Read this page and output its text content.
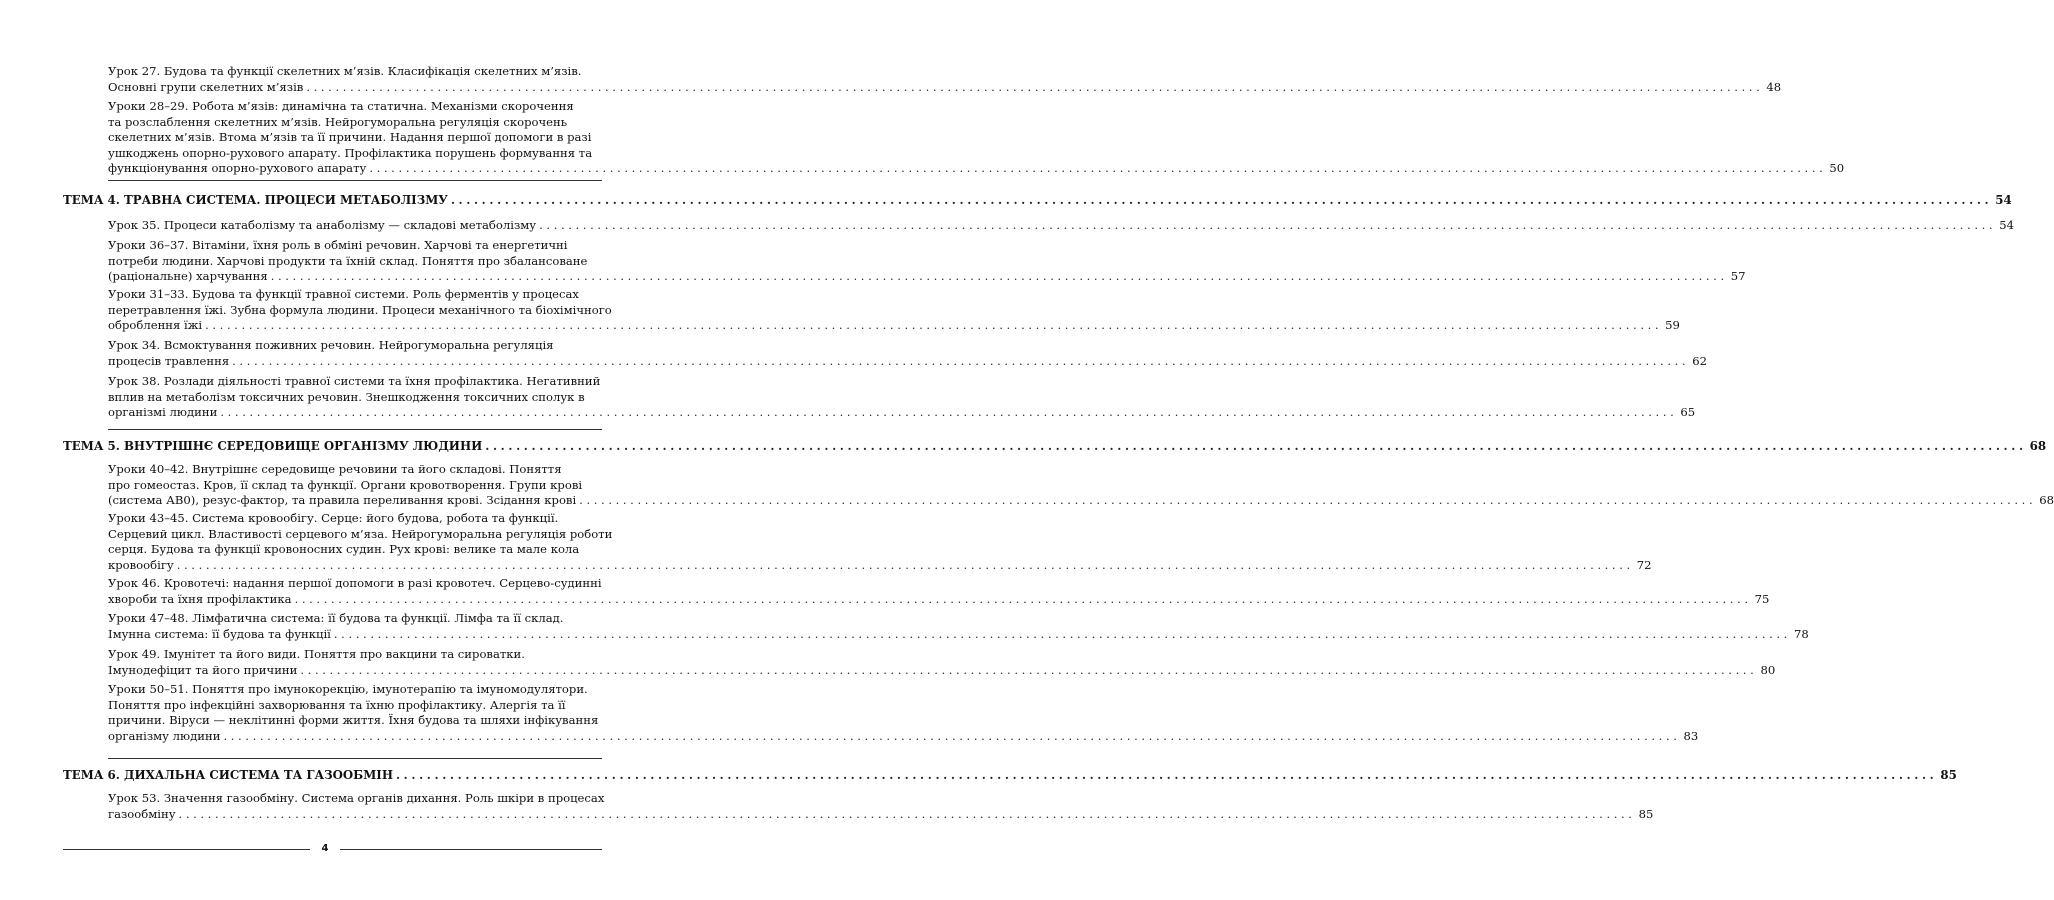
Урок 27. Будова та функції скелетних м’язів. Класифікація скелетних м’язів.
Основні групи скелетних м’язів ........................................................................................................................................................................................................ 48
Уроки 28–29. Робота м’язів: динамічна та статична. Механізми скорочення
та розслаблення скелетних м’язів. Нейрогуморальна регуляція скорочень
скелетних м’язів. Втома м’язів та її причини. Надання першої допомоги в разі
ушкоджень опорно-рухового апарату. Профілактика порушень формування та
функціонування опорно-рухового апарату ........................................................................................................................................................................................................ 50
ТЕМА 4. ТРАВНА СИСТЕМА. ПРОЦЕСИ МЕТАБОЛІЗМУ ........................................................................................................................................................................................................ 54
Урок 35. Процеси катаболізму та анаболізму — складові метаболізму ........................................................................................................................................................................................................ 54
Уроки 36–37. Вітаміни, їхня роль в обміні речовин. Харчові та енергетичні
потреби людини. Харчові продукти та їхній склад. Поняття про збалансоване
(раціональне) харчування ........................................................................................................................................................................................................ 57
Уроки 31–33. Будова та функції травної системи. Роль ферментів у процесах
перетравлення їжі. Зубна формула людини. Процеси механічного та біохімічного
оброблення їжі ........................................................................................................................................................................................................ 59
Урок 34. Всмоктування поживних речовин. Нейрогуморальна регуляція
процесів травлення ........................................................................................................................................................................................................ 62
Урок 38. Розлади діяльності травної системи та їхня профілактика. Негативний
вплив на метаболізм токсичних речовин. Знешкодження токсичних сполук в
організмі людини ........................................................................................................................................................................................................ 65
ТЕМА 5. ВНУТРІШНЄ СЕРЕДОВИЩЕ ОРГАНІЗМУ ЛЮДИНИ ........................................................................................................................................................................................................ 68
Уроки 40–42. Внутрішнє середовище речовини та його складові. Поняття
про гомеостаз. Кров, її склад та функції. Органи кровотворення. Групи крові
(система АВ0), резус-фактор, та правила переливання крові. Зсідання крові ........................................................................................................................................................................................................ 68
Уроки 43–45. Система кровообігу. Серце: його будова, робота та функції.
Серцевий цикл. Властивості серцевого м’яза. Нейрогуморальна регуляція роботи
серця. Будова та функції кровоносних судин. Рух крові: велике та мале кола
кровообігу ........................................................................................................................................................................................................ 72
Урок 46. Кровотечі: надання першої допомоги в разі кровотеч. Серцево-судинні
хвороби та їхня профілактика ........................................................................................................................................................................................................ 75
Уроки 47–48. Лімфатична система: її будова та функції. Лімфа та її склад.
Імунна система: її будова та функції ........................................................................................................................................................................................................ 78
Урок 49. Імунітет та його види. Поняття про вакцини та сироватки.
Імунодефіцит та його причини ........................................................................................................................................................................................................ 80
Уроки 50–51. Поняття про імунокорекцію, імунотерапію та імуномодулятори.
Поняття про інфекційні захворювання та їхню профілактику. Алергія та її
причини. Віруси — неклітинні форми життя. Їхня будова та шляхи інфікування
організму людини ........................................................................................................................................................................................................ 83
ТЕМА 6. ДИХАЛЬНА СИСТЕМА ТА ГАЗООБМІН ........................................................................................................................................................................................................ 85
Урок 53. Значення газообміну. Система органів дихання. Роль шкіри в процесах
газообміну ........................................................................................................................................................................................................ 85
4
